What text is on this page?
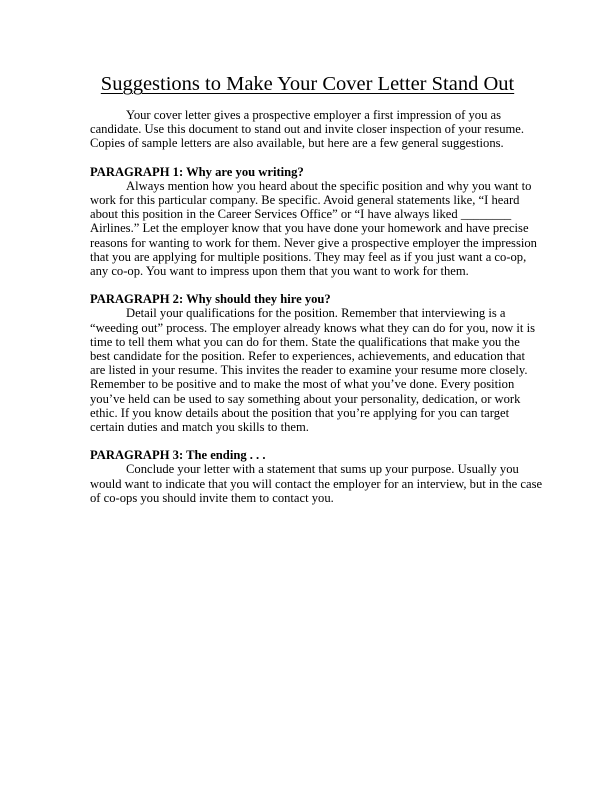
Suggestions to Make Your Cover Letter Stand Out

Your cover letter gives a prospective employer a first impression of you as
candidate. Use this document to stand out and invite closer inspection of your resume.
Copies of sample letters are also available, but here are a few general suggestions.

PARAGRAPH 1: Why are you writing?

Always mention how you heard about the specific position and why you want to
work for this particular company. Be specific. Avoid general statements like, “I heard
about this position in the Career Services Office” or “I have always liked ________
Airlines.” Let the employer know that you have done your homework and have precise
reasons for wanting to work for them. Never give a prospective employer the impression
that you are applying for multiple positions. They may feel as if you just want a co-op,
any co-op. You want to impress upon them that you want to work for them.

PARAGRAPH 2: Why should they hire you?

Detail your qualifications for the position. Remember that interviewing is a
“weeding out” process. The employer already knows what they can do for you, now it is
time to tell them what you can do for them. State the qualifications that make you the
best candidate for the position. Refer to experiences, achievements, and education that
are listed in your resume. This invites the reader to examine your resume more closely.
Remember to be positive and to make the most of what you’ve done. Every position
you’ve held can be used to say something about your personality, dedication, or work
ethic. If you know details about the position that you’re applying for you can target
certain duties and match you skills to them.

PARAGRAPH 3: The ending . . .

Conclude your letter with a statement that sums up your purpose. Usually you
would want to indicate that you will contact the employer for an interview, but in the case
of co-ops you should invite them to contact you.
